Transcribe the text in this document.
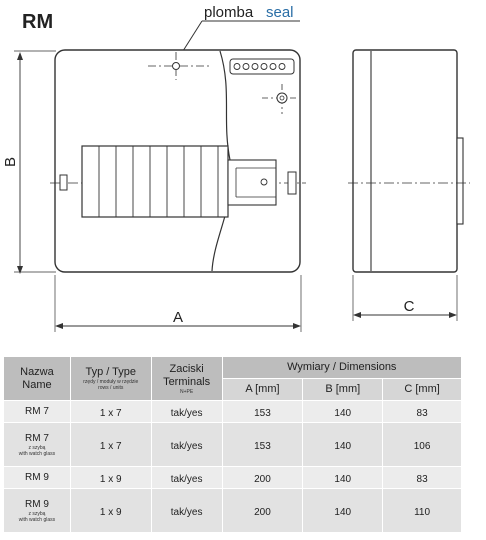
RM	plomba seal
B
A
C
Nazwa
Name	Typ / Type
rzędy / moduły w rzędzie
rows / units	Zaciski
Terminals
N+PE	Wymiary / Dimensions		

			A [mm]	B [mm]	C [mm]

RM 7	1 x 7	tak/yes	153	140	83

RM 7
z szybą
with watch glass	1 x 7	tak/yes	153	140	106

RM 9	1 x 9	tak/yes	200	140	83

RM 9
z szybą
with watch glass	1 x 9	tak/yes	200	140	110
